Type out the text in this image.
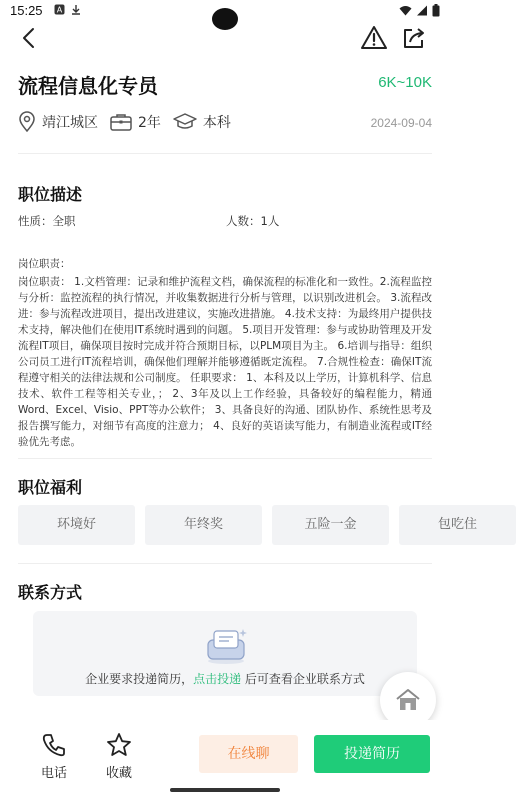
15:25 A
流程信息化专员	6K~10K
靖江城区	2年	本科	2024-09-04
职位描述
性质：全职	人数：1人
岗位职责：
岗位职责： 1.文档管理：记录和维护流程文档，确保流程的标准化和一致性。2.流程监控与分析：监控流程的执行情况，并收集数据进行分析与管理，以识别改进机会。 3.流程改进：参与流程改进项目，提出改进建议，实施改进措施。 4.技术支持：为最终用户提供技术支持，解决他们在使用IT系统时遇到的问题。 5.项目开发管理：参与或协助管理及开发流程IT项目，确保项目按时完成并符合预期目标，以PLM项目为主。 6.培训与指导：组织公司员工进行IT流程培训，确保他们理解并能够遵循既定流程。 7.合规性检查：确保IT流程遵守相关的法律法规和公司制度。 任职要求： 1、本科及以上学历，计算机科学、信息技术、软件工程等相关专业，； 2、3年及以上工作经验，具备较好的编程能力，精通Word、Excel、Visio、PPT等办公软件； 3、具备良好的沟通、团队协作、系统性思考及报告撰写能力，对细节有高度的注意力； 4、良好的英语读写能力，有制造业流程或IT经验优先考虑。
职位福利
环境好	年终奖	五险一金	包吃住
联系方式
企业要求投递简历，点击投递 后可查看企业联系方式
电话	收藏
在线聊	投递简历
